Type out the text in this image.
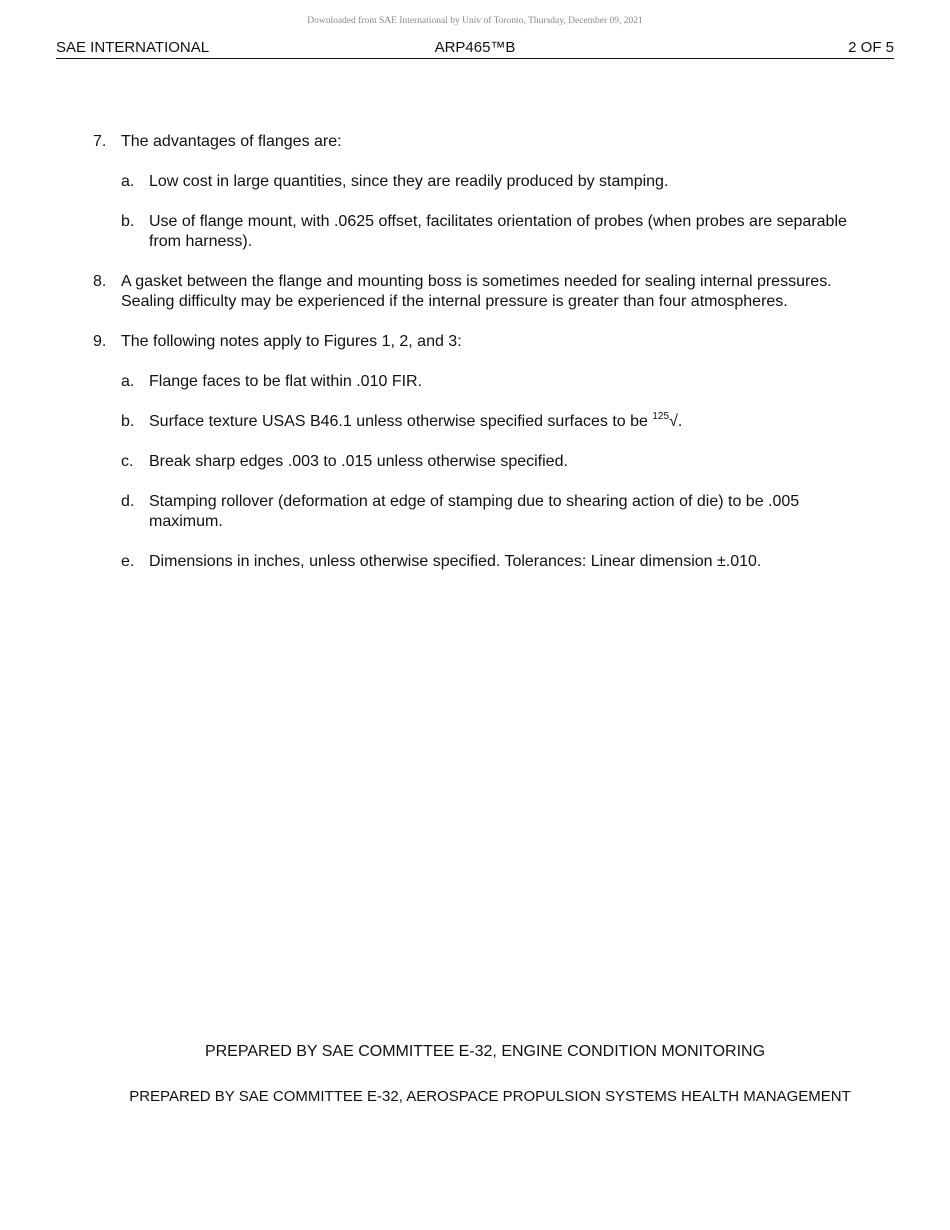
Downloaded from SAE International by Univ of Toronto, Thursday, December 09, 2021
SAE INTERNATIONAL	ARP465™B	2 OF 5
7. The advantages of flanges are:
a. Low cost in large quantities, since they are readily produced by stamping.
b. Use of flange mount, with .0625 offset, facilitates orientation of probes (when probes are separable from harness).
8. A gasket between the flange and mounting boss is sometimes needed for sealing internal pressures. Sealing difficulty may be experienced if the internal pressure is greater than four atmospheres.
9. The following notes apply to Figures 1, 2, and 3:
a. Flange faces to be flat within .010 FIR.
b. Surface texture USAS B46.1 unless otherwise specified surfaces to be $^{125}$√.
c. Break sharp edges .003 to .015 unless otherwise specified.
d. Stamping rollover (deformation at edge of stamping due to shearing action of die) to be .005 maximum.
e. Dimensions in inches, unless otherwise specified. Tolerances: Linear dimension ±.010.
PREPARED BY SAE COMMITTEE E-32, ENGINE CONDITION MONITORING
PREPARED BY SAE COMMITTEE E-32, AEROSPACE PROPULSION SYSTEMS HEALTH MANAGEMENT
